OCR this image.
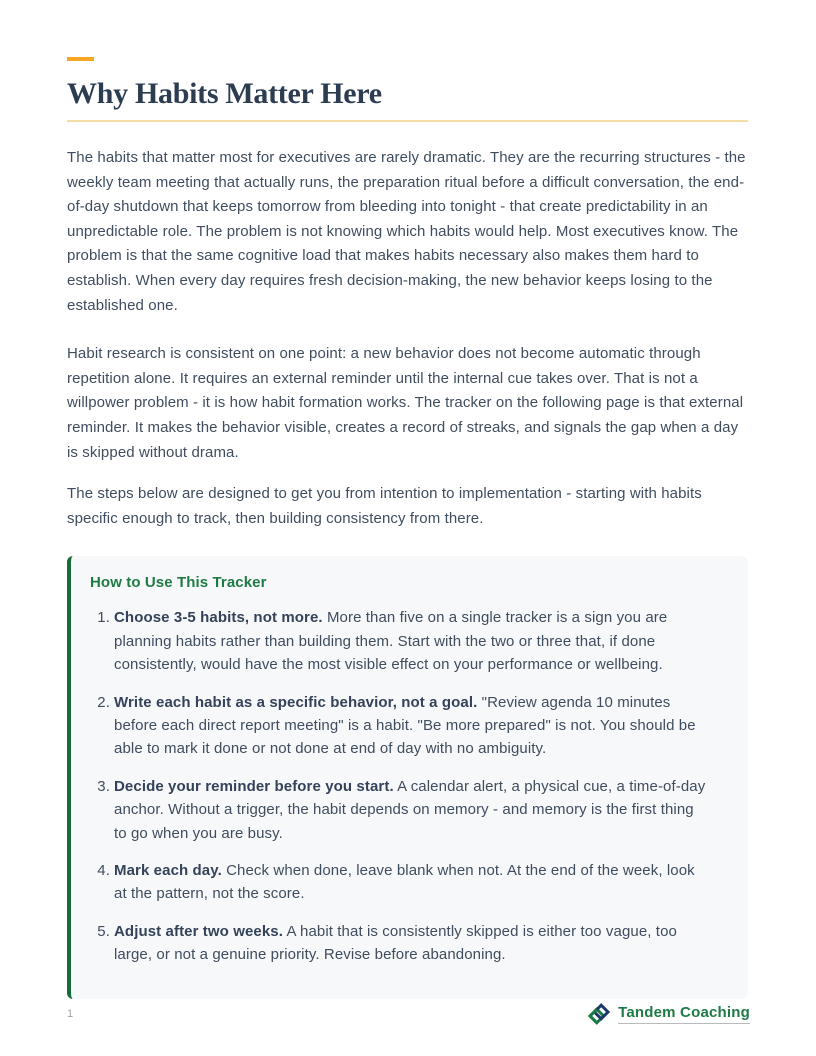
Why Habits Matter Here

The habits that matter most for executives are rarely dramatic. They are the recurring structures - the weekly team meeting that actually runs, the preparation ritual before a difficult conversation, the end-of-day shutdown that keeps tomorrow from bleeding into tonight - that create predictability in an unpredictable role. The problem is not knowing which habits would help. Most executives know. The problem is that the same cognitive load that makes habits necessary also makes them hard to establish. When every day requires fresh decision-making, the new behavior keeps losing to the established one.

Habit research is consistent on one point: a new behavior does not become automatic through repetition alone. It requires an external reminder until the internal cue takes over. That is not a willpower problem - it is how habit formation works. The tracker on the following page is that external reminder. It makes the behavior visible, creates a record of streaks, and signals the gap when a day is skipped without drama.

The steps below are designed to get you from intention to implementation - starting with habits specific enough to track, then building consistency from there.

How to Use This Tracker
1. Choose 3-5 habits, not more. More than five on a single tracker is a sign you are planning habits rather than building them. Start with the two or three that, if done consistently, would have the most visible effect on your performance or wellbeing.
2. Write each habit as a specific behavior, not a goal. "Review agenda 10 minutes before each direct report meeting" is a habit. "Be more prepared" is not. You should be able to mark it done or not done at end of day with no ambiguity.
3. Decide your reminder before you start. A calendar alert, a physical cue, a time-of-day anchor. Without a trigger, the habit depends on memory - and memory is the first thing to go when you are busy.
4. Mark each day. Check when done, leave blank when not. At the end of the week, look at the pattern, not the score.
5. Adjust after two weeks. A habit that is consistently skipped is either too vague, too large, or not a genuine priority. Revise before abandoning.
1	Tandem Coaching
